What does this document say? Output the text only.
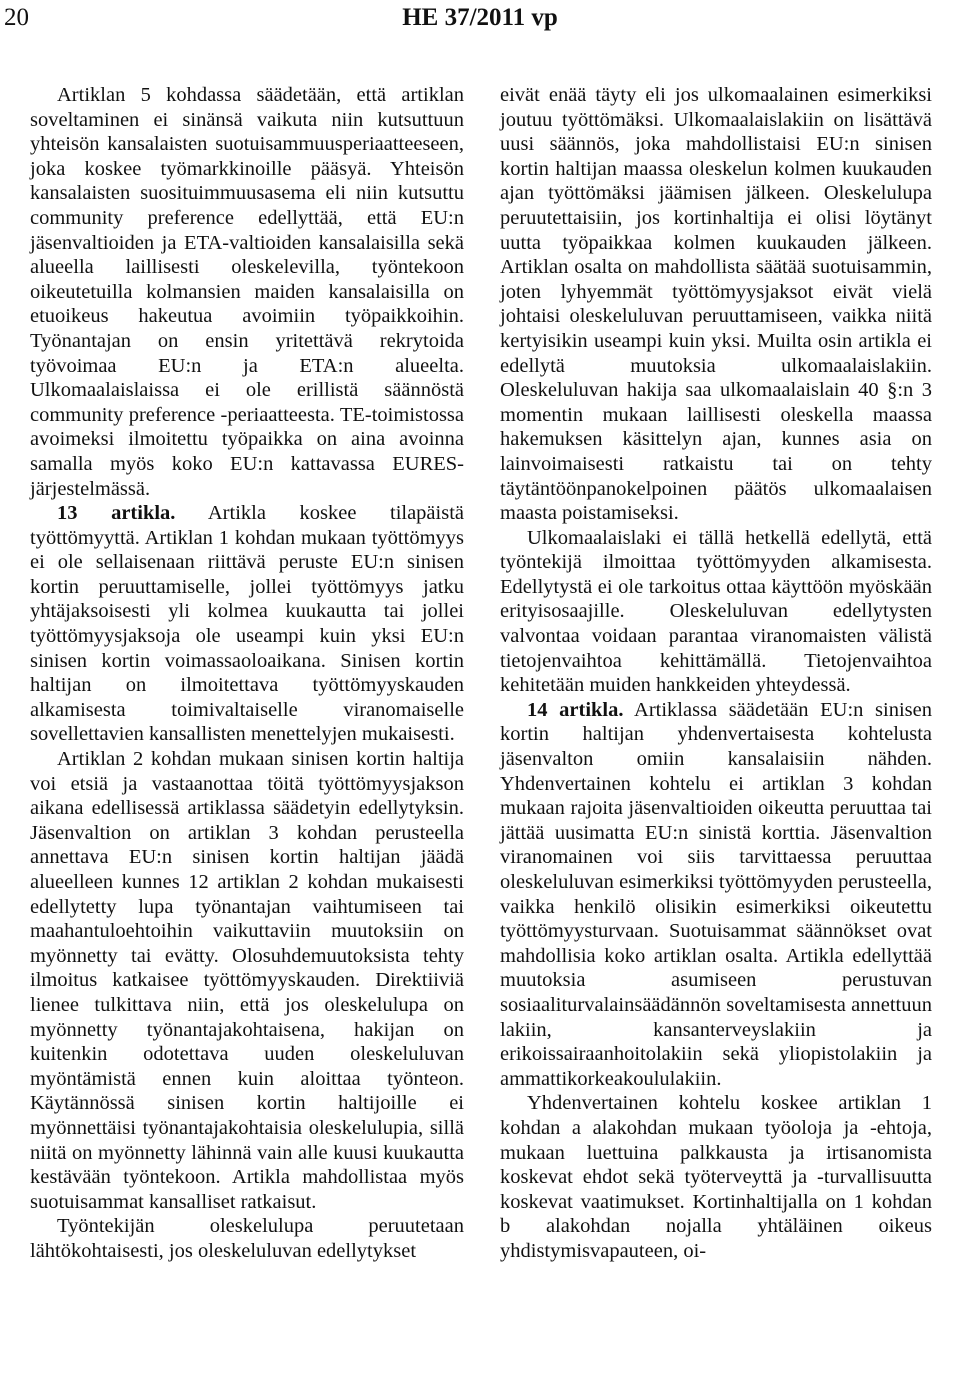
20	HE 37/2011 vp

Artiklan 5 kohdassa säädetään, että artiklan soveltaminen ei sinänsä vaikuta niin kutsuttuun yhteisön kansalaisten suotuisammuusperiaatteeseen, joka koskee työmarkkinoille pääsyä. Yhteisön kansalaisten suosituimmuusasema eli niin kutsuttu community preference edellyttää, että EU:n jäsenvaltioiden ja ETA-valtioiden kansalaisilla sekä alueella laillisesti oleskelevilla, työntekoon oikeutetuilla kolmansien maiden kansalaisilla on etuoikeus hakeutua avoimiin työpaikkoihin. Työnantajan on ensin yritettävä rekrytoida työvoimaa EU:n ja ETA:n alueelta. Ulkomaalaislaissa ei ole erillistä säännöstä community preference -periaatteesta. TE-toimistossa avoimeksi ilmoitettu työpaikka on aina avoinna samalla myös koko EU:n kattavassa EURES-järjestelmässä.

13 artikla. Artikla koskee tilapäistä työttömyyttä. Artiklan 1 kohdan mukaan työttömyys ei ole sellaisenaan riittävä peruste EU:n sinisen kortin peruuttamiselle, jollei työttömyys jatku yhtäjaksoisesti yli kolmea kuukautta tai jollei työttömyysjaksoja ole useampi kuin yksi EU:n sinisen kortin voimassaoloaikana. Sinisen kortin haltijan on ilmoitettava työttömyyskauden alkamisesta toimivaltaiselle viranomaiselle sovellettavien kansallisten menettelyjen mukaisesti.

Artiklan 2 kohdan mukaan sinisen kortin haltija voi etsiä ja vastaanottaa töitä työttömyysjakson aikana edellisessä artiklassa säädetyin edellytyksin. Jäsenvaltion on artiklan 3 kohdan perusteella annettava EU:n sinisen kortin haltijan jäädä alueelleen kunnes 12 artiklan 2 kohdan mukaisesti edellytetty lupa työnantajan vaihtumiseen tai maahantuloehtoihin vaikuttaviin muutoksiin on myönnetty tai evätty. Olosuhdemuutoksista tehty ilmoitus katkaisee työttömyyskauden. Direktiiviä lienee tulkittava niin, että jos oleskelulupa on myönnetty työnantajakohtaisena, hakijan on kuitenkin odotettava uuden oleskeluluvan myöntämistä ennen kuin aloittaa työnteon. Käytännössä sinisen kortin haltijoille ei myönnettäisi työnantajakohtaisia oleskelulupia, sillä niitä on myönnetty lähinnä vain alle kuusi kuukautta kestävään työntekoon. Artikla mahdollistaa myös suotuisammat kansalliset ratkaisut.

Työntekijän oleskelulupa peruutetaan lähtökohtaisesti, jos oleskeluluvan edellytykset

eivät enää täyty eli jos ulkomaalainen esimerkiksi joutuu työttömäksi. Ulkomaalaislakiin on lisättävä uusi säännös, joka mahdollistaisi EU:n sinisen kortin haltijan maassa oleskelun kolmen kuukauden ajan työttömäksi jäämisen jälkeen. Oleskelulupa peruutettaisiin, jos kortinhaltija ei olisi löytänyt uutta työpaikkaa kolmen kuukauden jälkeen. Artiklan osalta on mahdollista säätää suotuisammin, joten lyhyemmät työttömyysjaksot eivät vielä johtaisi oleskeluluvan peruuttamiseen, vaikka niitä kertyisikin useampi kuin yksi. Muilta osin artikla ei edellytä muutoksia ulkomaalaislakiin. Oleskeluluvan hakija saa ulkomaalaislain 40 §:n 3 momentin mukaan laillisesti oleskella maassa hakemuksen käsittelyn ajan, kunnes asia on lainvoimaisesti ratkaistu tai on tehty täytäntöönpanokelpoinen päätös ulkomaalaisen maasta poistamiseksi.

Ulkomaalaislaki ei tällä hetkellä edellytä, että työntekijä ilmoittaa työttömyyden alkamisesta. Edellytystä ei ole tarkoitus ottaa käyttöön myöskään erityisosaajille. Oleskeluluvan edellytysten valvontaa voidaan parantaa viranomaisten välistä tietojenvaihtoa kehittämällä. Tietojenvaihtoa kehitetään muiden hankkeiden yhteydessä.

14 artikla. Artiklassa säädetään EU:n sinisen kortin haltijan yhdenvertaisesta kohtelusta jäsenvalton omiin kansalaisiin nähden. Yhdenvertainen kohtelu ei artiklan 3 kohdan mukaan rajoita jäsenvaltioiden oikeutta peruuttaa tai jättää uusimatta EU:n sinistä korttia. Jäsenvaltion viranomainen voi siis tarvittaessa peruuttaa oleskeluluvan esimerkiksi työttömyyden perusteella, vaikka henkilö olisikin esimerkiksi oikeutettu työttömyysturvaan. Suotuisammat säännökset ovat mahdollisia koko artiklan osalta. Artikla edellyttää muutoksia asumiseen perustuvan sosiaaliturvalainsäädännön soveltamisesta annettuun lakiin, kansanterveyslakiin ja erikoissairaanhoitolakiin sekä yliopistolakiin ja ammattikorkeakoululakiin.

Yhdenvertainen kohtelu koskee artiklan 1 kohdan a alakohdan mukaan työoloja ja -ehtoja, mukaan luettuina palkkausta ja irtisanomista koskevat ehdot sekä työterveyttä ja -turvallisuutta koskevat vaatimukset. Kortinhaltijalla on 1 kohdan b alakohdan nojalla yhtäläinen oikeus yhdistymisvapauteen, oi-
